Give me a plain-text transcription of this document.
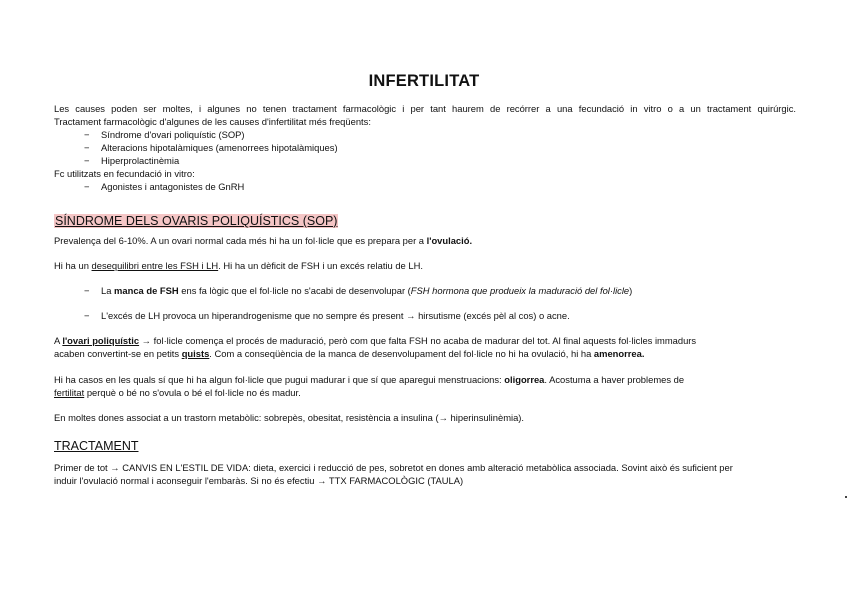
INFERTILITAT
Les causes poden ser moltes, i algunes no tenen tractament farmacològic i per tant haurem de recórrer a una fecundació in vitro o a un tractament quirúrgic.
Tractament farmacològic d'algunes de les causes d'infertilitat més freqüents:
− Síndrome d'ovari poliquístic (SOP)
− Alteracions hipotalàmiques (amenorrees hipotalàmiques)
− Hiperprolactinèmia
Fc utilitzats en fecundació in vitro:
− Agonistes i antagonistes de GnRH
SÍNDROME DELS OVARIS POLIQUÍSTICS (SOP)
Prevalença del 6-10%. A un ovari normal cada més hi ha un fol·licle que es prepara per a l'ovulació.
Hi ha un desequilibri entre les FSH i LH. Hi ha un dèficit de FSH i un excés relatiu de LH.
− La manca de FSH ens fa lògic que el fol·licle no s'acabi de desenvolupar (FSH hormona que produeix la maduració del fol·licle)
− L'excés de LH provoca un hiperandrogenisme que no sempre és present → hirsutisme (excés pèl al cos) o acne.
A l'ovari poliquístic → fol·licle comença el procés de maduració, però com que falta FSH no acaba de madurar del tot. Al final aquests fol·licles immadurs
acaben convertint-se en petits quists. Com a conseqüència de la manca de desenvolupament del fol·licle no hi ha ovulació, hi ha amenorrea.
Hi ha casos en les quals sí que hi ha algun fol·licle que pugui madurar i que sí que aparegui menstruacions: oligorrea. Acostuma a haver problemes de
fertilitat perquè o bé no s'ovula o bé el fol·licle no és madur.
En moltes dones associat a un trastorn metabòlic: sobrepès, obesitat, resistència a insulina (→ hiperinsulinèmia).
TRACTAMENT
Primer de tot → CANVIS EN L'ESTIL DE VIDA: dieta, exercici i reducció de pes, sobretot en dones amb alteració metabòlica associada. Sovint això és suficient per
induir l'ovulació normal i aconseguir l'embaràs. Si no és efectiu → TTX FARMACOLÒGIC (TAULA)
